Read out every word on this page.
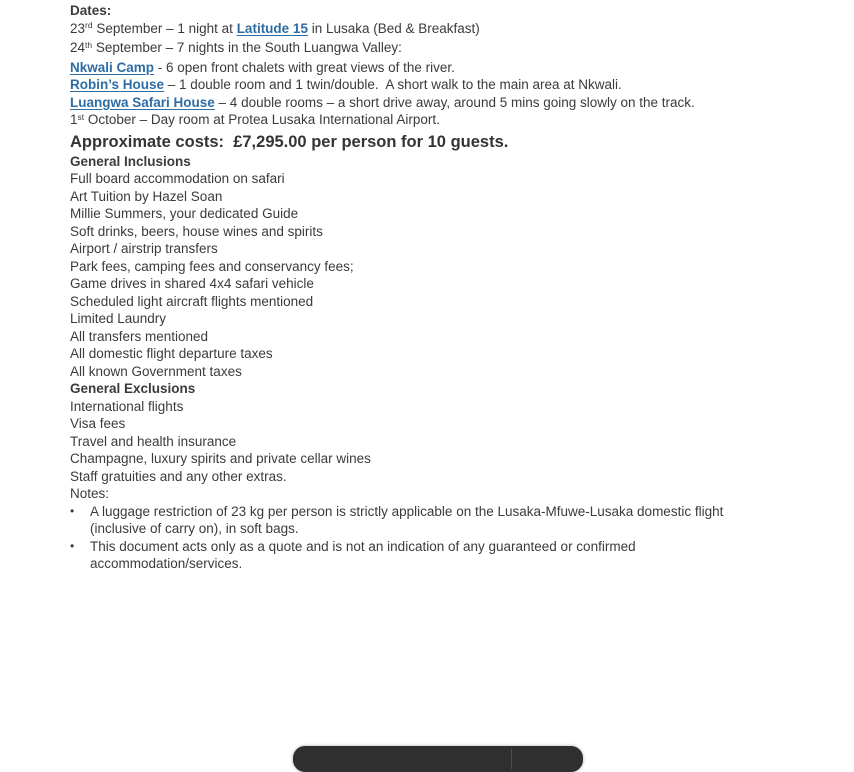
Dates:

23rd September – 1 night at Latitude 15 in Lusaka (Bed & Breakfast)

24th September – 7 nights in the South Luangwa Valley:

Nkwali Camp - 6 open front chalets with great views of the river.

Robin’s House – 1 double room and 1 twin/double.  A short walk to the main area at Nkwali.

Luangwa Safari House – 4 double rooms – a short drive away, around 5 mins going slowly on the track.

1st October – Day room at Protea Lusaka International Airport.

Approximate costs:  £7,295.00 per person for 10 guests.

General Inclusions

Full board accommodation on safari
Art Tuition by Hazel Soan
Millie Summers, your dedicated Guide
Soft drinks, beers, house wines and spirits
Airport / airstrip transfers
Park fees, camping fees and conservancy fees;
Game drives in shared 4x4 safari vehicle
Scheduled light aircraft flights mentioned
Limited Laundry
All transfers mentioned
All domestic flight departure taxes
All known Government taxes

General Exclusions

International flights
Visa fees
Travel and health insurance
Champagne, luxury spirits and private cellar wines
Staff gratuities and any other extras.

Notes:

•	A luggage restriction of 23 kg per person is strictly applicable on the Lusaka-Mfuwe-Lusaka domestic flight
(inclusive of carry on), in soft bags.
•	This document acts only as a quote and is not an indication of any guaranteed or confirmed
accommodation/services.
